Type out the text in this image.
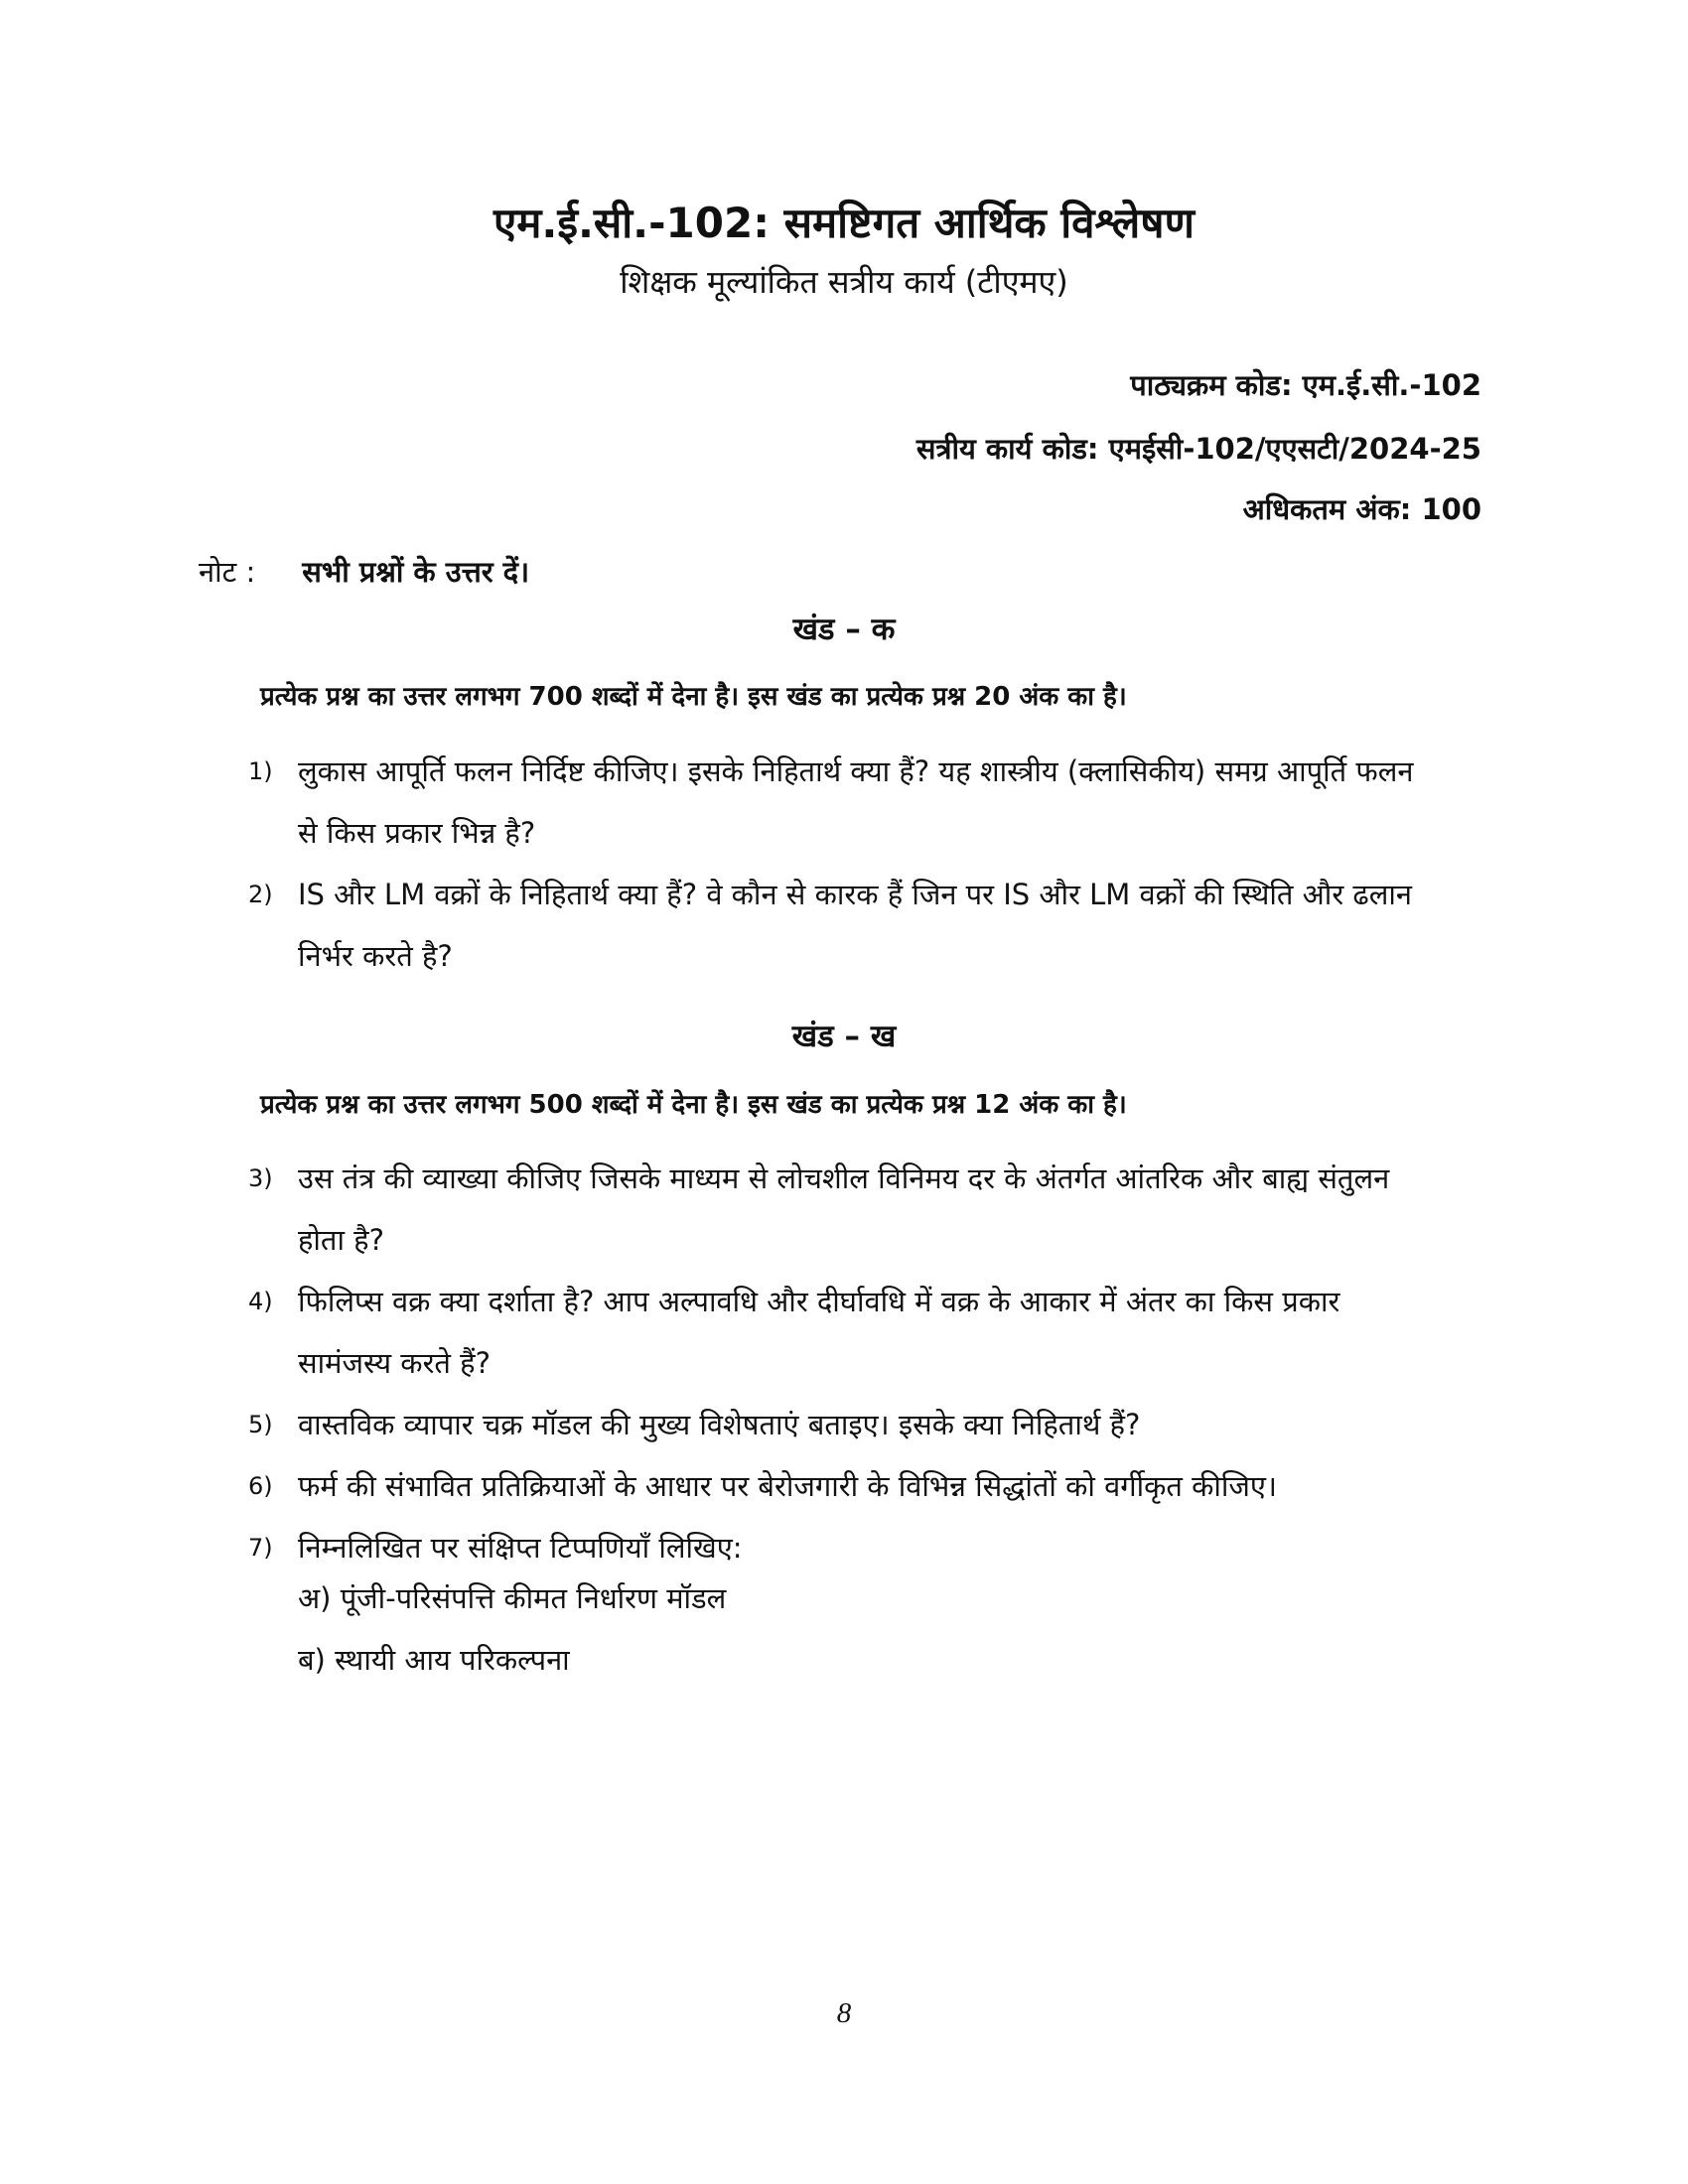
एम.ई.सी.-102: समष्टिगत आर्थिक विश्लेषण
शिक्षक मूल्यांकित सत्रीय कार्य (टीएमए)
पाठ्यक्रम कोड: एम.ई.सी.-102
सत्रीय कार्य कोड: एमईसी-102/एएसटी/2024-25
अधिकतम अंक: 100
नोट : सभी प्रश्नों के उत्तर दें।
खंड – क
प्रत्येक प्रश्न का उत्तर लगभग 700 शब्दों में देना है। इस खंड का प्रत्येक प्रश्न 20 अंक का है।
1) लुकास आपूर्ति फलन निर्दिष्ट कीजिए। इसके निहितार्थ क्या हैं? यह शास्त्रीय (क्लासिकीय) समग्र आपूर्ति फलन से किस प्रकार भिन्न है?
2) IS और LM वक्रों के निहितार्थ क्या हैं? वे कौन से कारक हैं जिन पर IS और LM वक्रों की स्थिति और ढलान निर्भर करते है?
खंड – ख
प्रत्येक प्रश्न का उत्तर लगभग 500 शब्दों में देना है। इस खंड का प्रत्येक प्रश्न 12 अंक का है।
3) उस तंत्र की व्याख्या कीजिए जिसके माध्यम से लोचशील विनिमय दर के अंतर्गत आंतरिक और बाह्य संतुलन होता है?
4) फिलिप्स वक्र क्या दर्शाता है? आप अल्पावधि और दीर्घावधि में वक्र के आकार में अंतर का किस प्रकार सामंजस्य करते हैं?
5) वास्तविक व्यापार चक्र मॉडल की मुख्य विशेषताएं बताइए। इसके क्या निहितार्थ हैं?
6) फर्म की संभावित प्रतिक्रियाओं के आधार पर बेरोजगारी के विभिन्न सिद्धांतों को वर्गीकृत कीजिए।
7) निम्नलिखित पर संक्षिप्त टिप्पणियाँ लिखिए:
अ) पूंजी-परिसंपत्ति कीमत निर्धारण मॉडल
ब) स्थायी आय परिकल्पना
8
